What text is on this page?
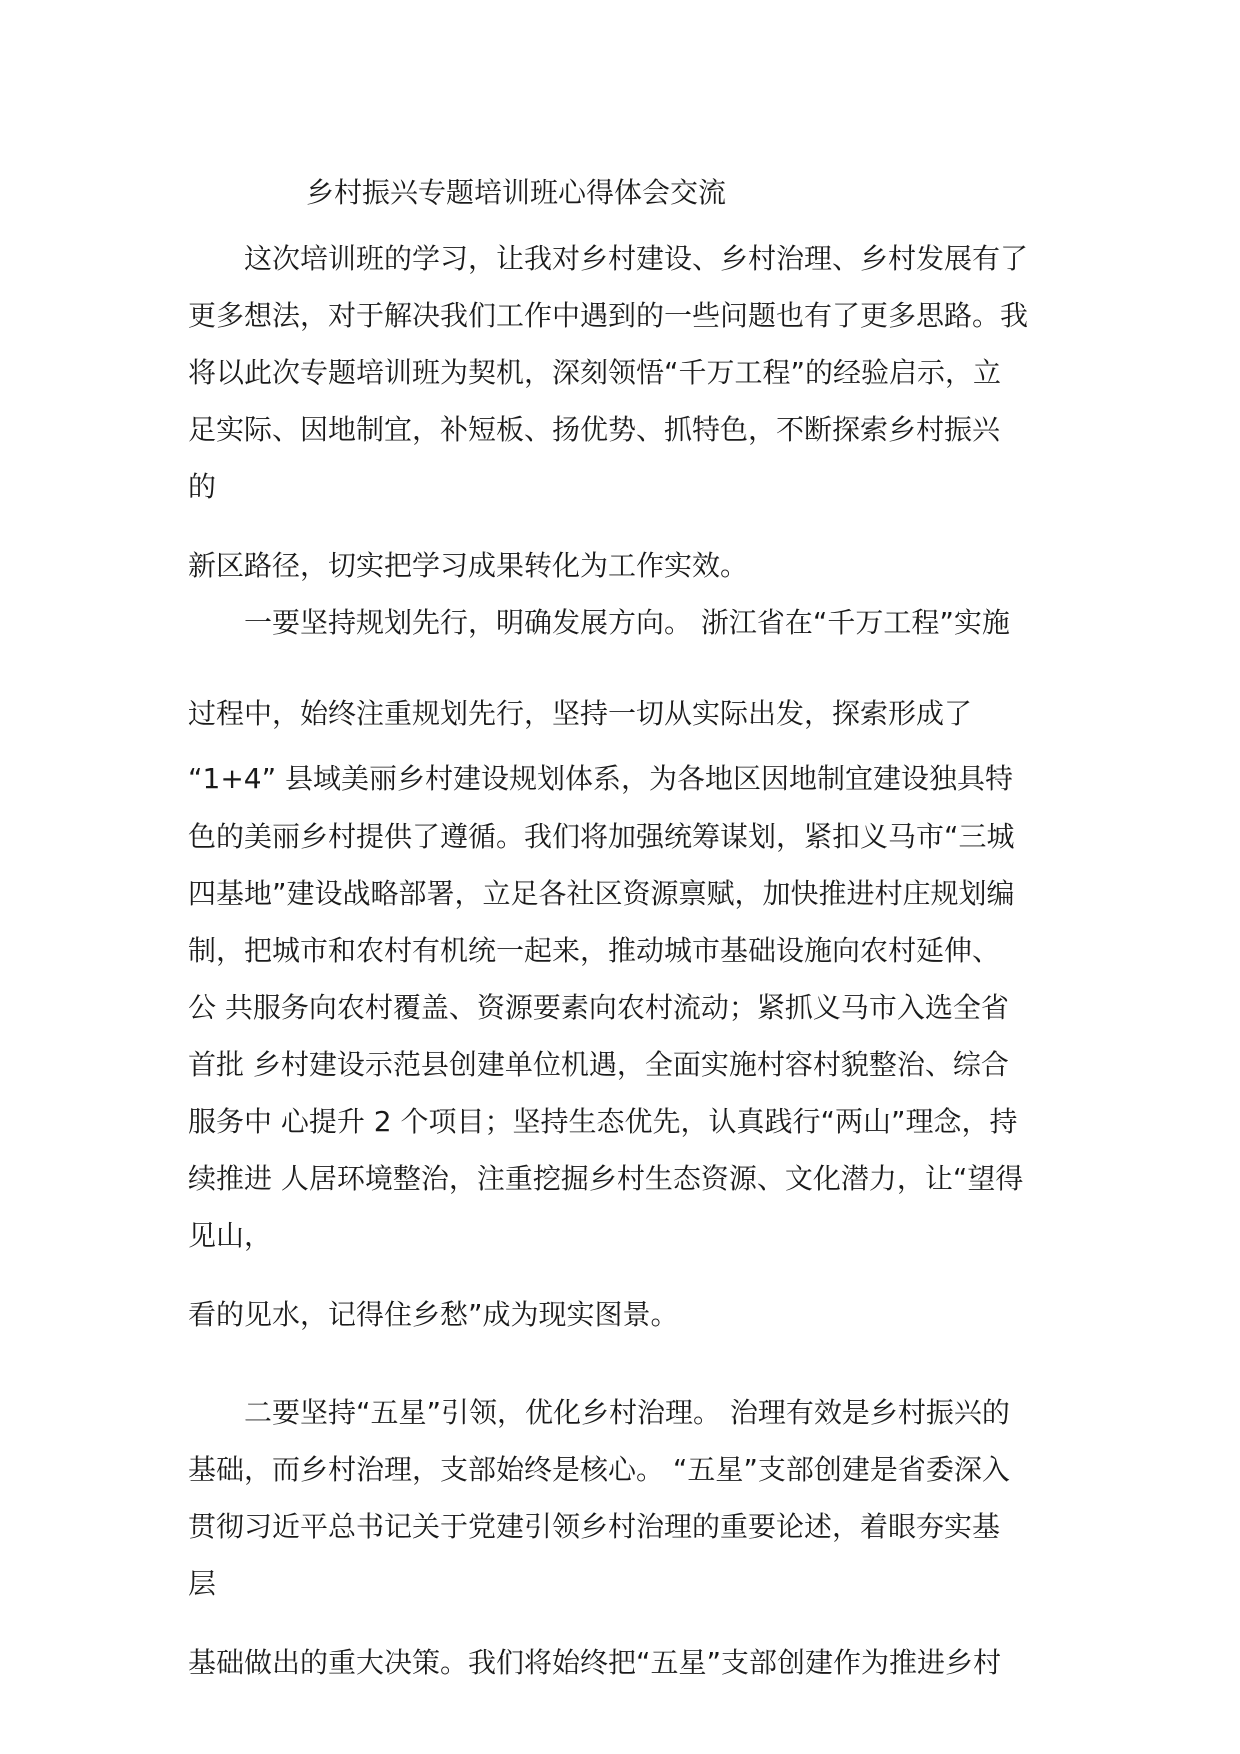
乡村振兴专题培训班心得体会交流
这次培训班的学习，让我对乡村建设、乡村治理、乡村发展有了
更多想法，对于解决我们工作中遇到的一些问题也有了更多思路。我
将以此次专题培训班为契机，深刻领悟“千万工程”的经验启示，立
足实际、因地制宜，补短板、扬优势、抓特色，不断探索乡村振兴
的
新区路径，切实把学习成果转化为工作实效。
一要坚持规划先行，明确发展方向。 浙江省在“千万工程”实施
过程中，始终注重规划先行，坚持一切从实际出发，探索形成了
“1+4” 县域美丽乡村建设规划体系，为各地区因地制宜建设独具特
色的美丽乡村提供了遵循。我们将加强统筹谋划，紧扣义马市“三城
四基地”建设战略部署，立足各社区资源禀赋，加快推进村庄规划编
制，把城市和农村有机统一起来，推动城市基础设施向农村延伸、
公 共服务向农村覆盖、资源要素向农村流动；紧抓义马市入选全省
首批 乡村建设示范县创建单位机遇，全面实施村容村貌整治、综合
服务中 心提升 2 个项目；坚持生态优先，认真践行“两山”理念，持
续推进 人居环境整治，注重挖掘乡村生态资源、文化潜力，让“望得
见山，
看的见水，记得住乡愁”成为现实图景。
二要坚持“五星”引领，优化乡村治理。 治理有效是乡村振兴的
基础，而乡村治理，支部始终是核心。 “五星”支部创建是省委深入
贯彻习近平总书记关于党建引领乡村治理的重要论述，着眼夯实基
层
基础做出的重大决策。我们将始终把“五星”支部创建作为推进乡村
